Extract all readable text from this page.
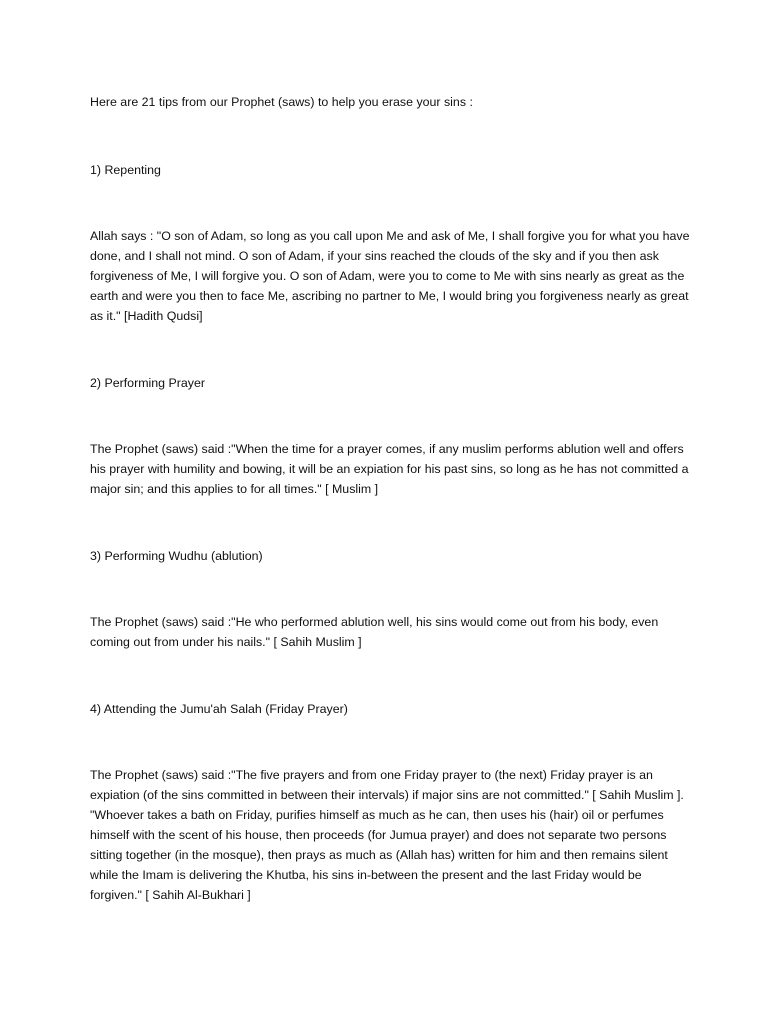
Here are 21 tips from our Prophet (saws) to help you erase your sins :

1) Repenting

Allah says : "O son of Adam, so long as you call upon Me and ask of Me, I shall forgive you for what you have done, and I shall not mind. O son of Adam, if your sins reached the clouds of the sky and if you then ask forgiveness of Me, I will forgive you. O son of Adam, were you to come to Me with sins nearly as great as the earth and were you then to face Me, ascribing no partner to Me, I would bring you forgiveness nearly as great as it." [Hadith Qudsi]

2) Performing Prayer

The Prophet (saws) said :"When the time for a prayer comes, if any muslim performs ablution well and offers his prayer with humility and bowing, it will be an expiation for his past sins, so long as he has not committed a major sin; and this applies to for all times." [ Muslim ]

3) Performing Wudhu (ablution)

The Prophet (saws) said :"He who performed ablution well, his sins would come out from his body, even coming out from under his nails." [ Sahih Muslim ]

4) Attending the Jumu'ah Salah (Friday Prayer)

The Prophet (saws) said :"The five prayers and from one Friday prayer to (the next) Friday prayer is an expiation (of the sins committed in between their intervals) if major sins are not committed." [ Sahih Muslim ]. "Whoever takes a bath on Friday, purifies himself as much as he can, then uses his (hair) oil or perfumes himself with the scent of his house, then proceeds (for Jumua prayer) and does not separate two persons sitting together (in the mosque), then prays as much as (Allah has) written for him and then remains silent while the Imam is delivering the Khutba, his sins in-between the present and the last Friday would be forgiven." [ Sahih Al-Bukhari ]
